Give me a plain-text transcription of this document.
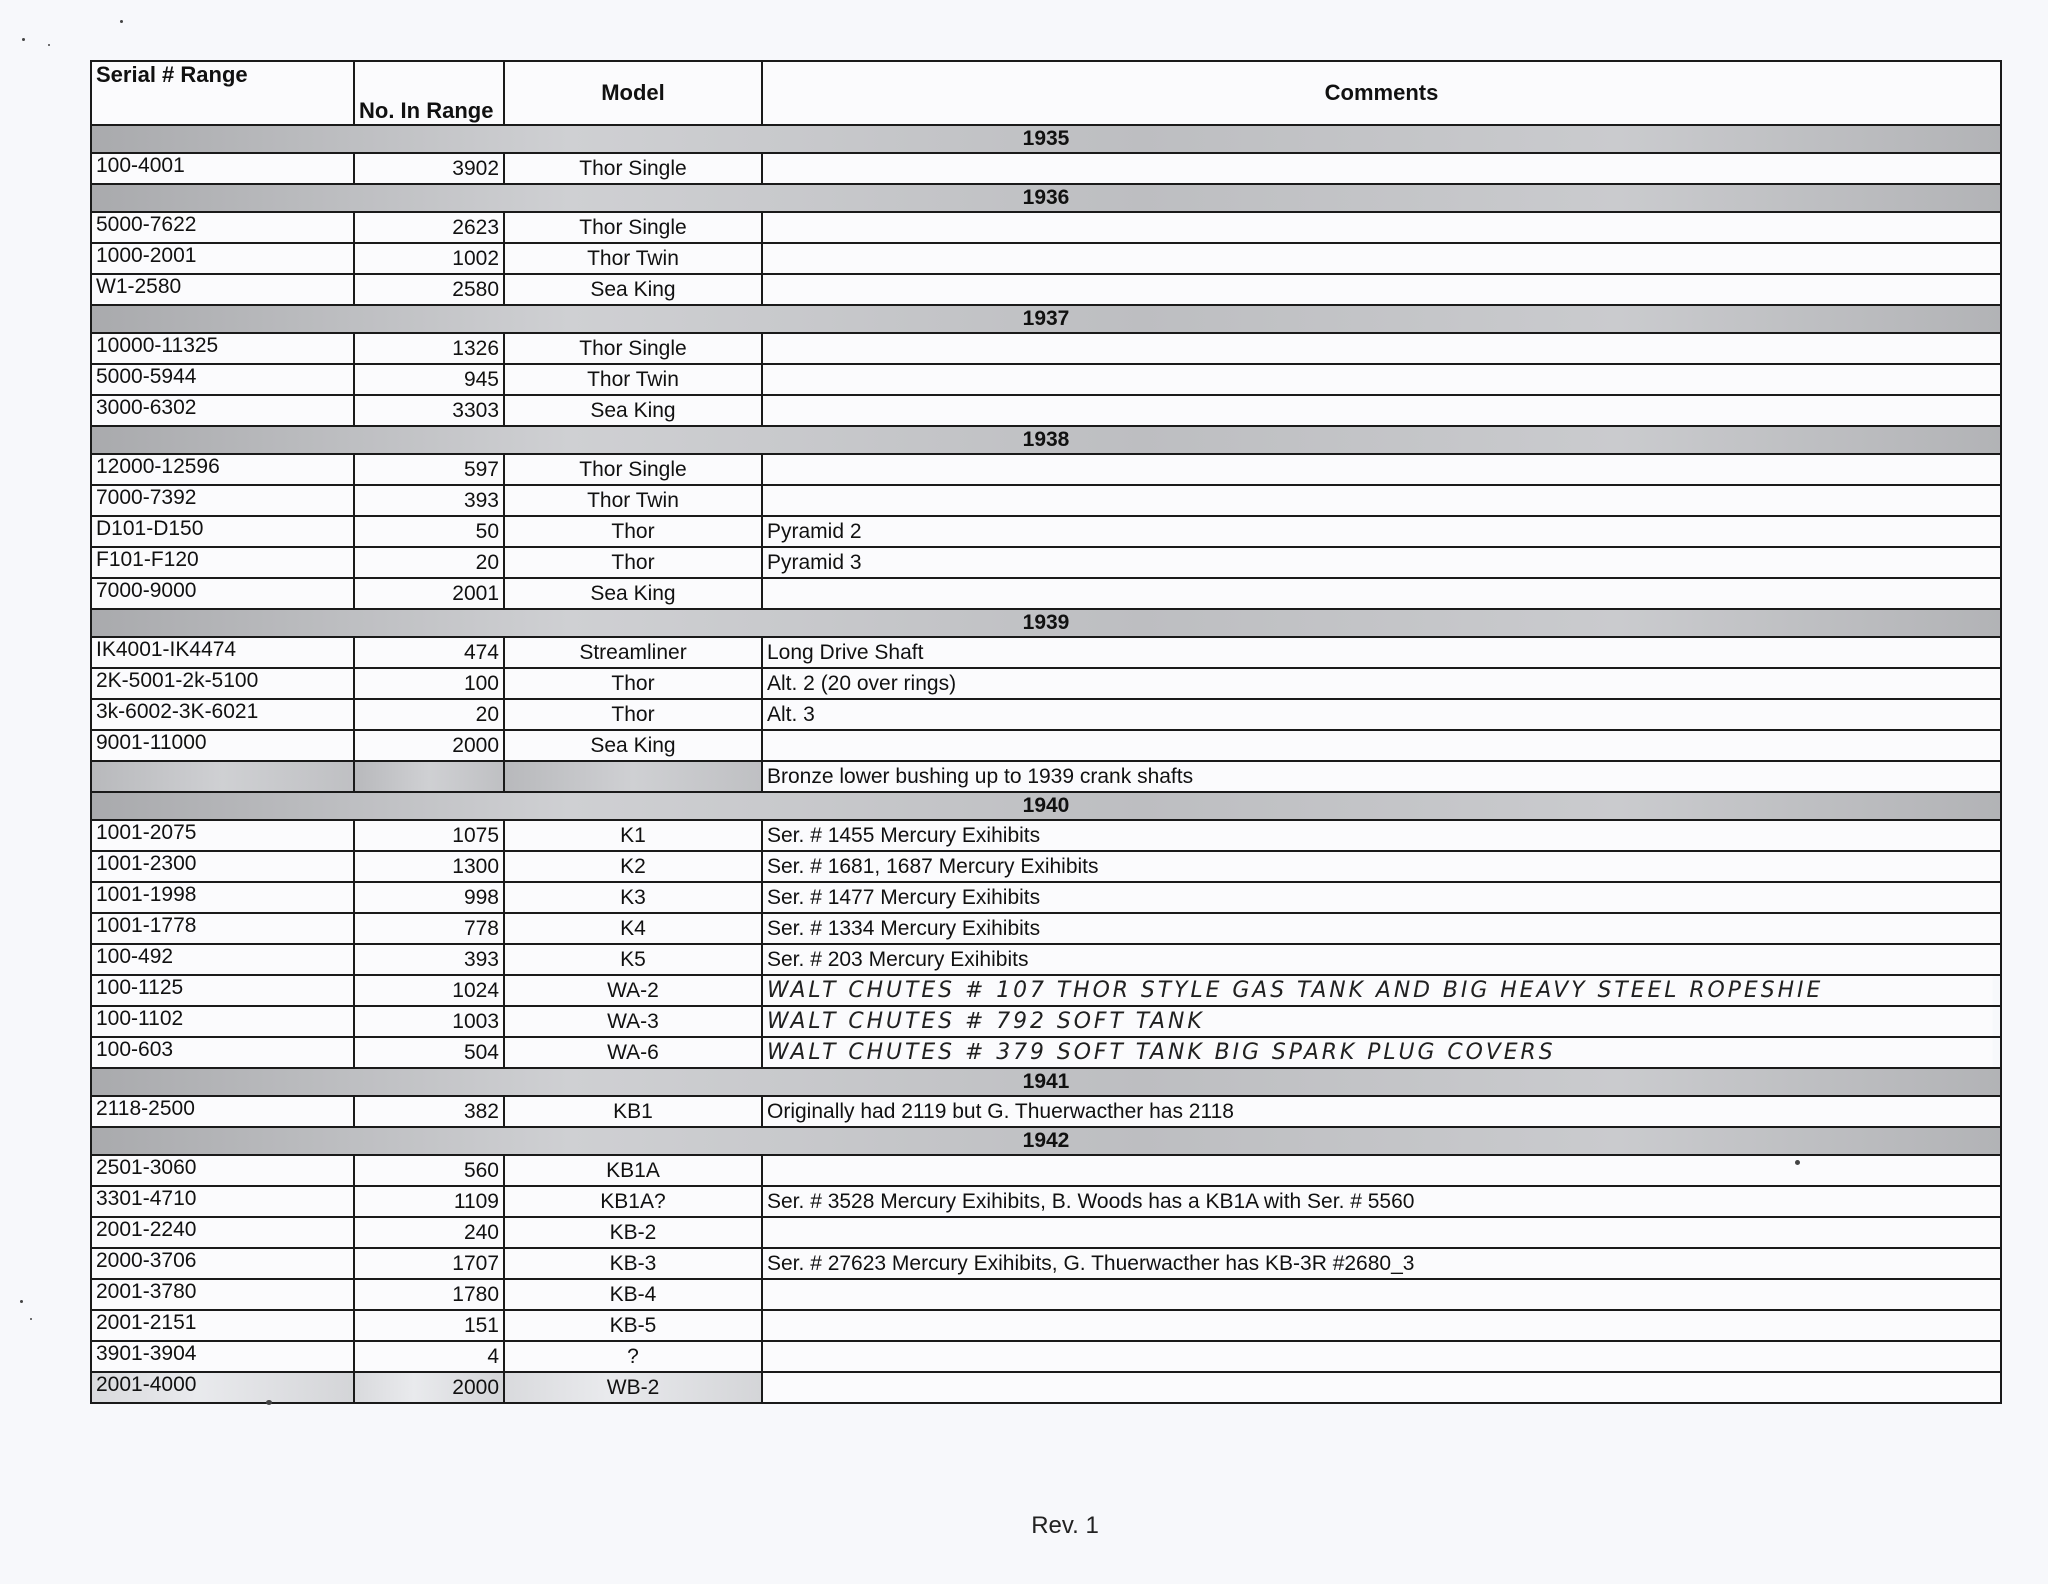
Serial # Range	No. In Range	Model	Comments
1935			
100-4001	3902	Thor Single	
1936			
5000-7622	2623	Thor Single	
1000-2001	1002	Thor Twin	
W1-2580	2580	Sea King	
1937			
10000-11325	1326	Thor Single	
5000-5944	945	Thor Twin	
3000-6302	3303	Sea King	
1938			
12000-12596	597	Thor Single	
7000-7392	393	Thor Twin	
D101-D150	50	Thor	Pyramid 2
F101-F120	20	Thor	Pyramid 3
7000-9000	2001	Sea King	
1939			
IK4001-IK4474	474	Streamliner	Long Drive Shaft
2K-5001-2k-5100	100	Thor	Alt. 2 (20 over rings)
3k-6002-3K-6021	20	Thor	Alt. 3
9001-11000	2000	Sea King	
			Bronze lower bushing up to 1939 crank shafts
1940			
1001-2075	1075	K1	Ser. # 1455 Mercury Exihibits
1001-2300	1300	K2	Ser. # 1681, 1687 Mercury Exihibits
1001-1998	998	K3	Ser. # 1477 Mercury Exihibits
1001-1778	778	K4	Ser. # 1334 Mercury Exihibits
100-492	393	K5	Ser. # 203 Mercury Exihibits
100-1125	1024	WA-2	WALT CHUTES # 107 THOR STYLE GAS TANK AND BIG HEAVY STEEL ROPESHIE
100-1102	1003	WA-3	WALT CHUTES # 792 SOFT TANK
100-603	504	WA-6	WALT CHUTES # 379 SOFT TANK BIG SPARK PLUG COVERS
1941			
2118-2500	382	KB1	Originally had 2119 but G. Thuerwacther has 2118
1942			
2501-3060	560	KB1A	
3301-4710	1109	KB1A?	Ser. # 3528 Mercury Exihibits, B. Woods has a KB1A with Ser. # 5560
2001-2240	240	KB-2	
2000-3706	1707	KB-3	Ser. # 27623 Mercury Exihibits, G. Thuerwacther has KB-3R #2680_3
2001-3780	1780	KB-4	
2001-2151	151	KB-5	
3901-3904	4	?	
2001-4000	2000	WB-2	
Rev. 1
